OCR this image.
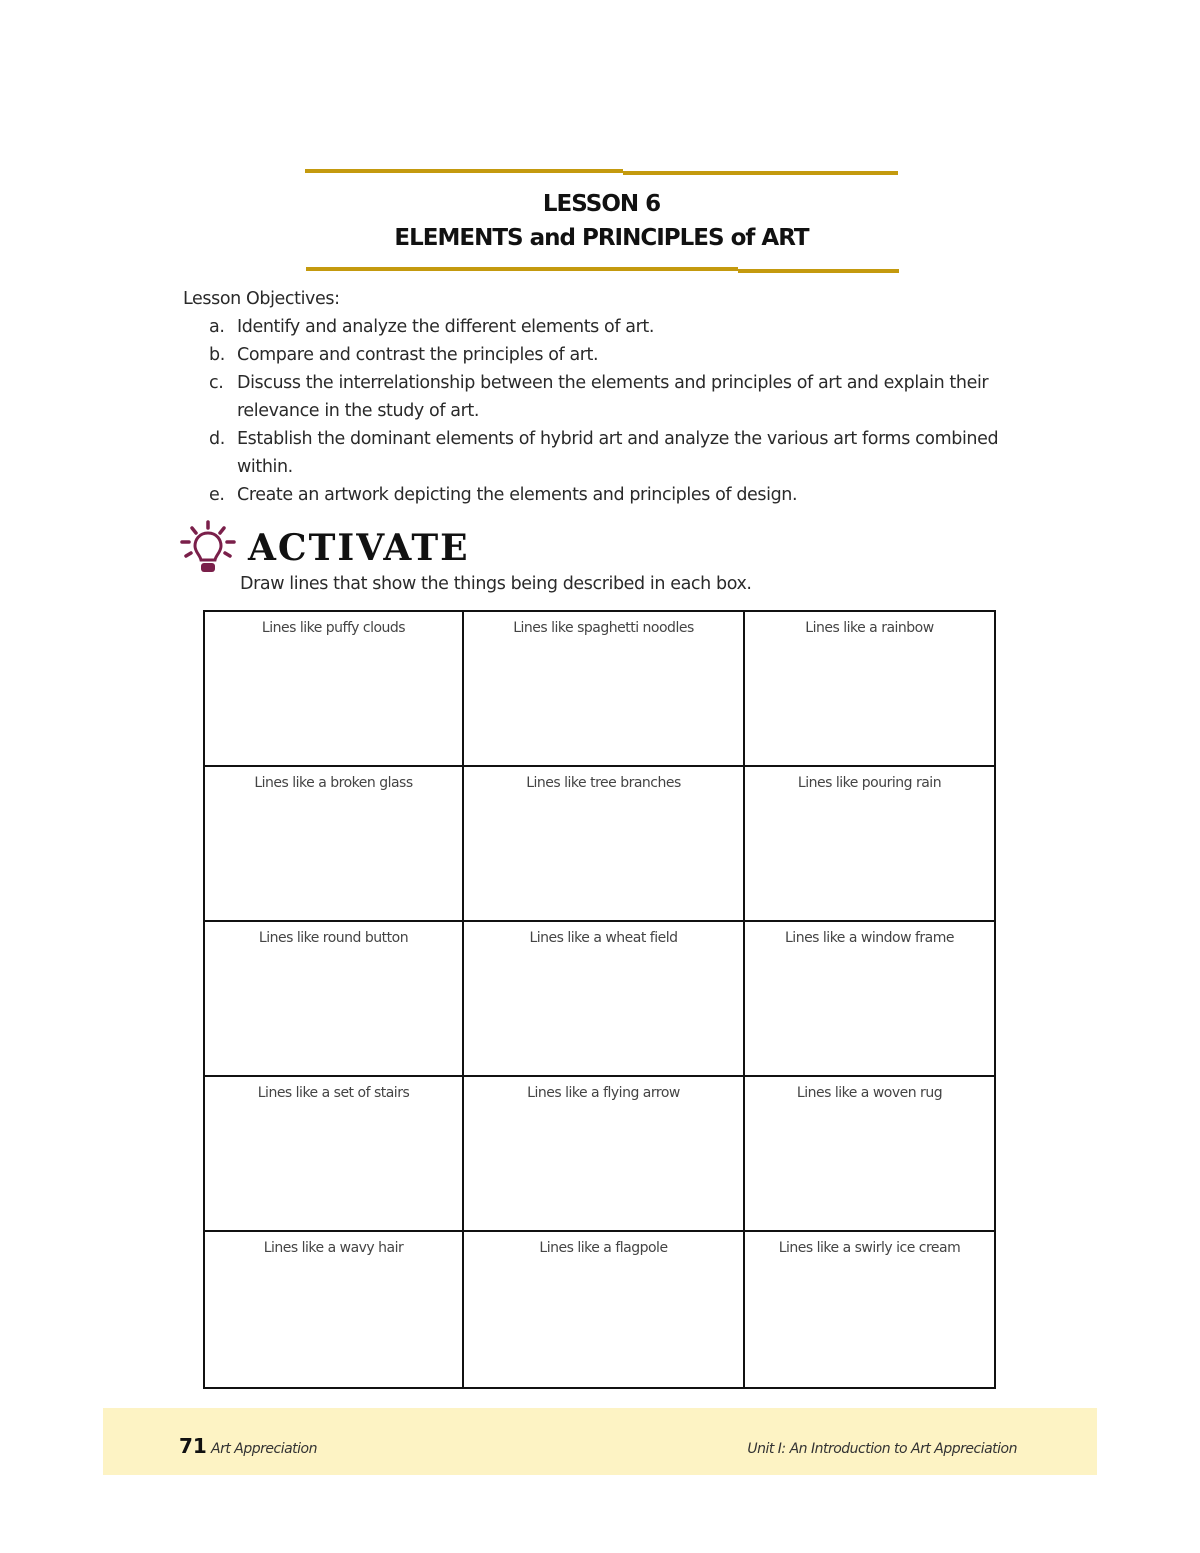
LESSON 6
ELEMENTS and PRINCIPLES of ART

Lesson Objectives:

a. Identify and analyze the different elements of art.
b. Compare and contrast the principles of art.
c. Discuss the interrelationship between the elements and principles of art and explain their relevance in the study of art.
d. Establish the dominant elements of hybrid art and analyze the various art forms combined within.
e. Create an artwork depicting the elements and principles of design.
ACTIVATE
Draw lines that show the things being described in each box.
Lines like puffy clouds	Lines like spaghetti noodles	Lines like a rainbow
Lines like a broken glass	Lines like tree branches	Lines like pouring rain
Lines like round button	Lines like a wheat field	Lines like a window frame
Lines like a set of stairs	Lines like a flying arrow	Lines like a woven rug
Lines like a wavy hair	Lines like a flagpole	Lines like a swirly ice cream
71 Art Appreciation	Unit I: An Introduction to Art Appreciation
